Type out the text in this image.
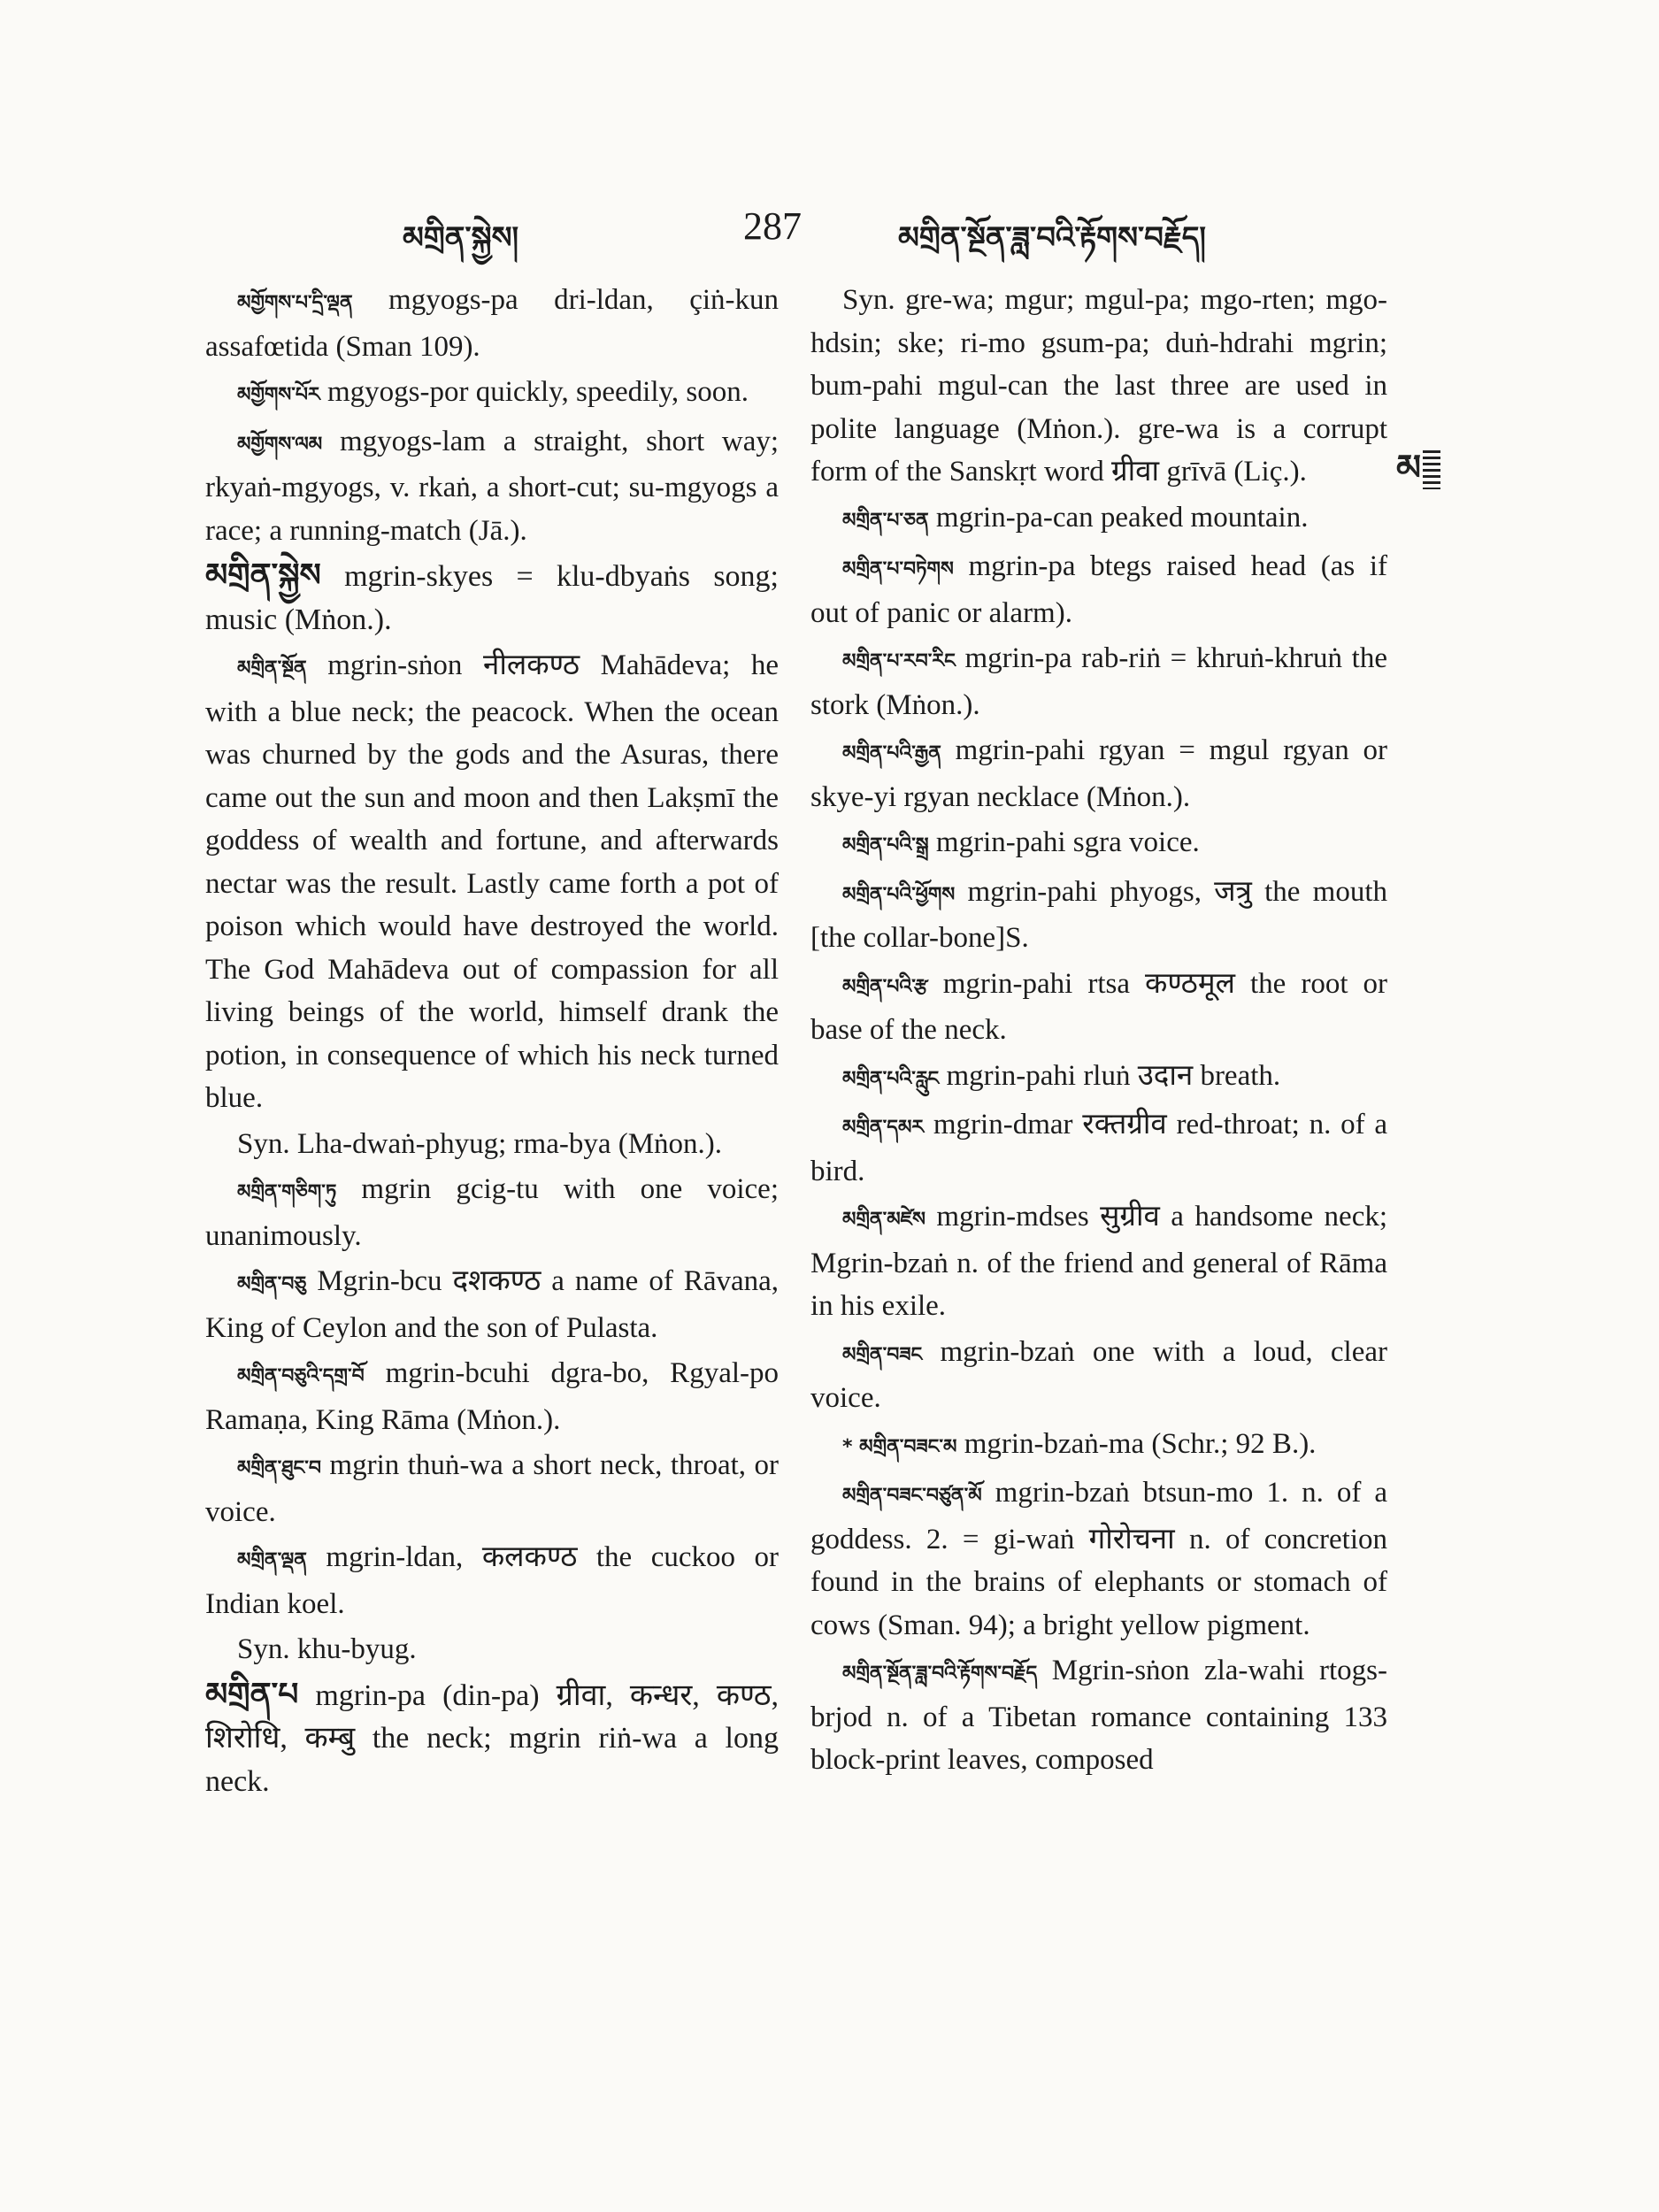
མགྲིན་སྐྱེས།	287	མགྲིན་སྔོན་ཟླ་བའི་རྟོགས་བརྗོད།
མ

མགྱོགས་པ་དྲི་ལྡན mgyogs-pa dri-ldan, çiṅ-kun assafœtida (Sman 109).

མགྱོགས་པོར mgyogs-por quickly, speedily, soon.

མགྱོགས་ལམ mgyogs-lam a straight, short way; rkyaṅ-mgyogs, v. rkaṅ, a short-cut; su-mgyogs a race; a running-match (Jā.).

མགྲིན་སྐྱེས mgrin-skyes = klu-dbyaṅs song; music (Mṅon.).

མགྲིན་སྔོན mgrin-sṅon नीलकण्ठ Mahādeva; he with a blue neck; the peacock. When the ocean was churned by the gods and the Asuras, there came out the sun and moon and then Lakṣmī the goddess of wealth and fortune, and afterwards nectar was the result. Lastly came forth a pot of poison which would have destroyed the world. The God Mahādeva out of compassion for all living beings of the world, himself drank the potion, in consequence of which his neck turned blue.

Syn. Lha-dwaṅ-phyug; rma-bya (Mṅon.).

མགྲིན་གཅིག་ཏུ mgrin gcig-tu with one voice; unanimously.

མགྲིན་བཅུ Mgrin-bcu दशकण्ठ a name of Rāvana, King of Ceylon and the son of Pulasta.

མགྲིན་བཅུའི་དགྲ་བོ mgrin-bcuhi dgra-bo, Rgyal-po Ramaṇa, King Rāma (Mṅon.).

མགྲིན་ཐུང་བ mgrin thuṅ-wa a short neck, throat, or voice.

མགྲིན་ལྡན mgrin-ldan, कलकण्ठ the cuckoo or Indian koel.

Syn. khu-byug.

མགྲིན་པ mgrin-pa (din-pa) ग्रीवा, कन्धर, कण्ठ, शिरोधि, कम्बु the neck; mgrin riṅ-wa a long neck.

Syn. gre-wa; mgur; mgul-pa; mgo-rten; mgo-hdsin; ske; ri-mo gsum-pa; duṅ-hdrahi mgrin; bum-pahi mgul-can the last three are used in polite language (Mṅon.). gre-wa is a corrupt form of the Sanskṛt word ग्रीवा grīvā (Liç.).

མགྲིན་པ་ཅན mgrin-pa-can peaked mountain.

མགྲིན་པ་བཏེགས mgrin-pa btegs raised head (as if out of panic or alarm).

མགྲིན་པ་རབ་རིང mgrin-pa rab-riṅ = khruṅ-khruṅ the stork (Mṅon.).

མགྲིན་པའི་རྒྱན mgrin-pahi rgyan = mgul rgyan or skye-yi rgyan necklace (Mṅon.).

མགྲིན་པའི་སྒྲ mgrin-pahi sgra voice.

མགྲིན་པའི་ཕྱོགས mgrin-pahi phyogs, जत्रु the mouth [the collar-bone]S.

མགྲིན་པའི་རྩ mgrin-pahi rtsa कण्ठमूल the root or base of the neck.

མགྲིན་པའི་རླུང mgrin-pahi rluṅ उदान breath.

མགྲིན་དམར mgrin-dmar रक्तग्रीव red-throat; n. of a bird.

མགྲིན་མཛེས mgrin-mdses सुग्रीव a handsome neck; Mgrin-bzaṅ n. of the friend and general of Rāma in his exile.

མགྲིན་བཟང mgrin-bzaṅ one with a loud, clear voice.

* མགྲིན་བཟང་མ mgrin-bzaṅ-ma (Schr.; 92 B.).

མགྲིན་བཟང་བཙུན་མོ mgrin-bzaṅ btsun-mo 1. n. of a goddess. 2. = gi-waṅ गोरोचना n. of concretion found in the brains of elephants or stomach of cows (Sman. 94); a bright yellow pigment.

མགྲིན་སྔོན་ཟླ་བའི་རྟོགས་བརྗོད Mgrin-sṅon zla-wahi rtogs-brjod n. of a Tibetan romance containing 133 block-print leaves, composed
